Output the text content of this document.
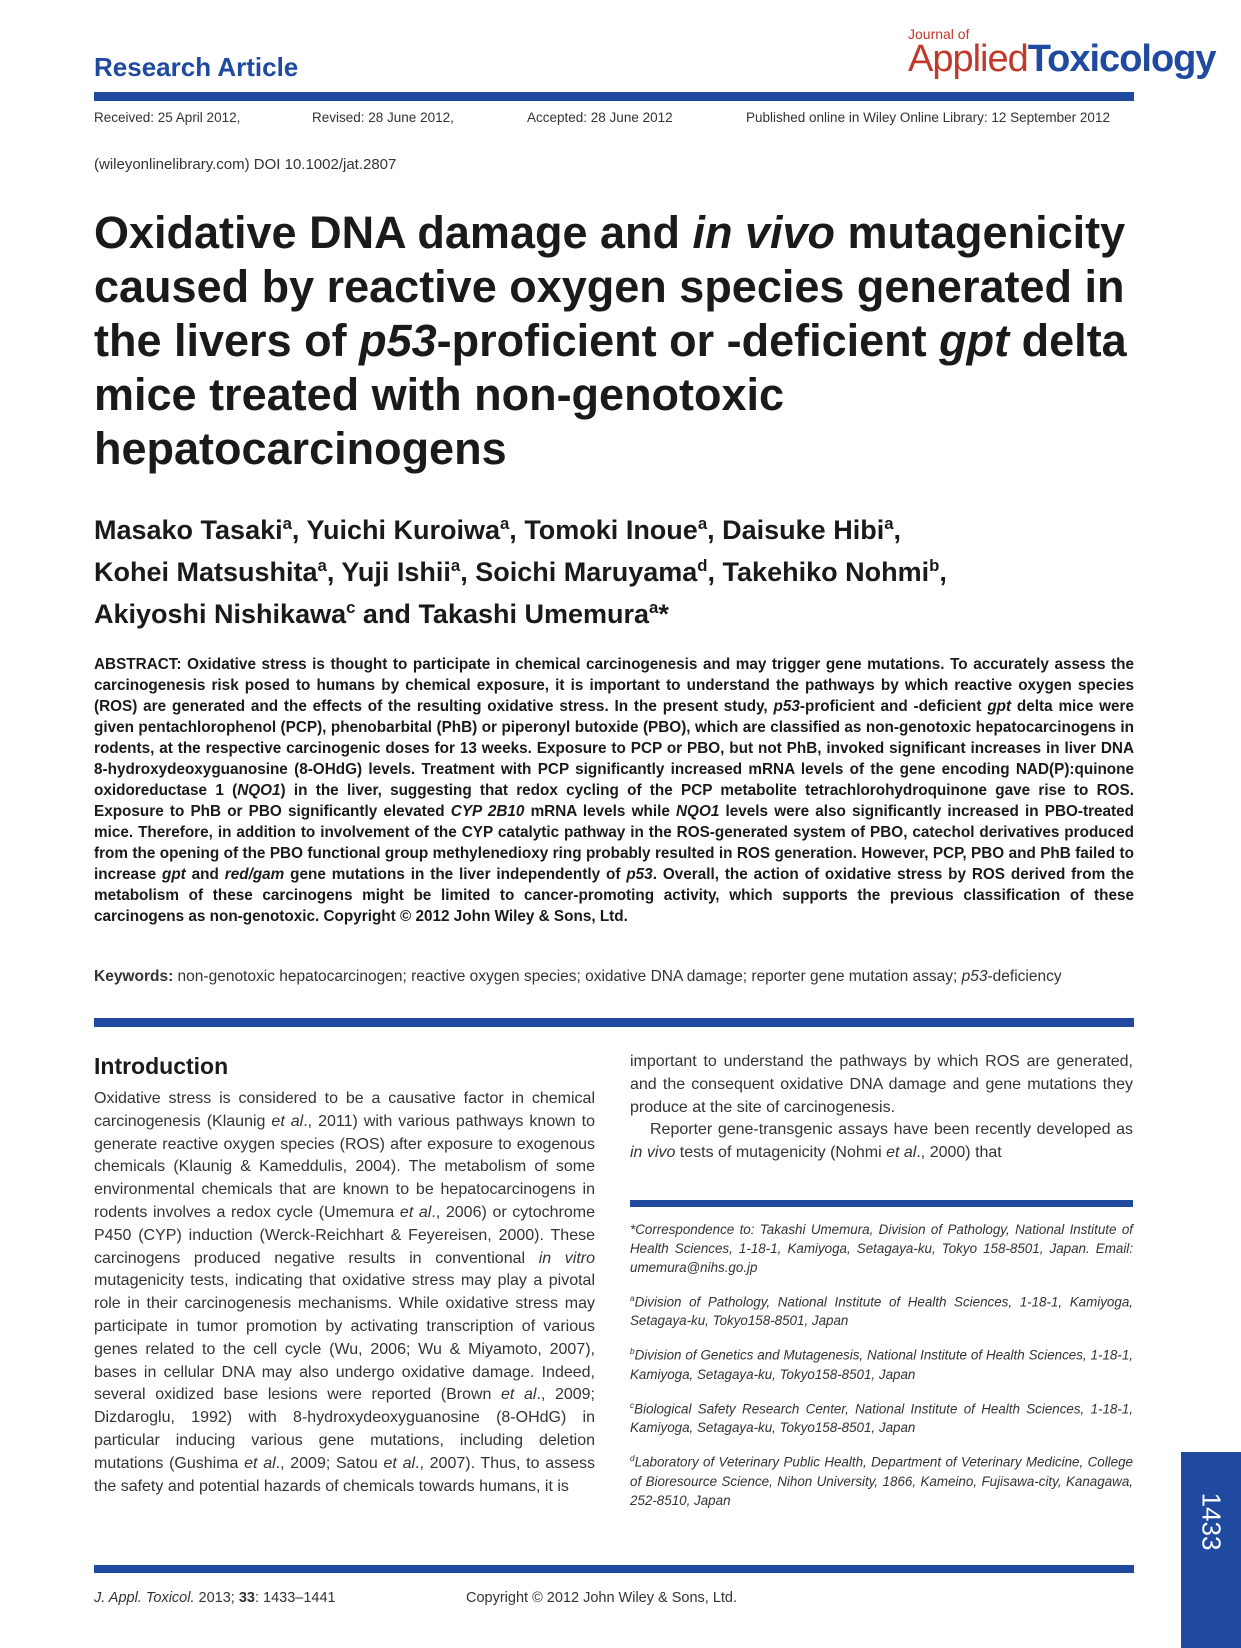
Research Article
Journal of
AppliedToxicology
Received: 25 April 2012,	Revised: 28 June 2012,	Accepted: 28 June 2012	Published online in Wiley Online Library: 12 September 2012
(wileyonlinelibrary.com) DOI 10.1002/jat.2807
Oxidative DNA damage and in vivo mutagenicity caused by reactive oxygen species generated in the livers of p53-proficient or -deficient gpt delta mice treated with non-genotoxic hepatocarcinogens
Masako Tasaki$^a$, Yuichi Kuroiwa$^a$, Tomoki Inoue$^a$, Daisuke Hibi$^a$,
Kohei Matsushita$^a$, Yuji Ishii$^a$, Soichi Maruyama$^d$, Takehiko Nohmi$^b$,
Akiyoshi Nishikawa$^c$ and Takashi Umemura$^a$*
ABSTRACT: Oxidative stress is thought to participate in chemical carcinogenesis and may trigger gene mutations. To accurately assess the carcinogenesis risk posed to humans by chemical exposure, it is important to understand the pathways by which reactive oxygen species (ROS) are generated and the effects of the resulting oxidative stress. In the present study, p53-proficient and -deficient gpt delta mice were given pentachlorophenol (PCP), phenobarbital (PhB) or piperonyl butoxide (PBO), which are classified as non-genotoxic hepatocarcinogens in rodents, at the respective carcinogenic doses for 13 weeks. Exposure to PCP or PBO, but not PhB, invoked significant increases in liver DNA 8-hydroxydeoxyguanosine (8-OHdG) levels. Treatment with PCP significantly increased mRNA levels of the gene encoding NAD(P):quinone oxidoreductase 1 (NQO1) in the liver, suggesting that redox cycling of the PCP metabolite tetrachlorohydroquinone gave rise to ROS. Exposure to PhB or PBO significantly elevated CYP 2B10 mRNA levels while NQO1 levels were also significantly increased in PBO-treated mice. Therefore, in addition to involvement of the CYP catalytic pathway in the ROS-generated system of PBO, catechol derivatives produced from the opening of the PBO functional group methylenedioxy ring probably resulted in ROS generation. However, PCP, PBO and PhB failed to increase gpt and red/gam gene mutations in the liver independently of p53. Overall, the action of oxidative stress by ROS derived from the metabolism of these carcinogens might be limited to cancer-promoting activity, which supports the previous classification of these carcinogens as non-genotoxic. Copyright © 2012 John Wiley & Sons, Ltd.
Keywords: non-genotoxic hepatocarcinogen; reactive oxygen species; oxidative DNA damage; reporter gene mutation assay; p53-deficiency
Introduction
Oxidative stress is considered to be a causative factor in chemical carcinogenesis (Klaunig et al., 2011) with various pathways known to generate reactive oxygen species (ROS) after exposure to exogenous chemicals (Klaunig & Kameddulis, 2004). The metabolism of some environmental chemicals that are known to be hepatocarcinogens in rodents involves a redox cycle (Umemura et al., 2006) or cytochrome P450 (CYP) induction (Werck-Reichhart & Feyereisen, 2000). These carcinogens produced negative results in conventional in vitro mutagenicity tests, indicating that oxidative stress may play a pivotal role in their carcinogenesis mechanisms. While oxidative stress may participate in tumor promotion by activating transcription of various genes related to the cell cycle (Wu, 2006; Wu & Miyamoto, 2007), bases in cellular DNA may also undergo oxidative damage. Indeed, several oxidized base lesions were reported (Brown et al., 2009; Dizdaroglu, 1992) with 8-hydroxydeoxyguanosine (8-OHdG) in particular inducing various gene mutations, including deletion mutations (Gushima et al., 2009; Satou et al., 2007). Thus, to assess the safety and potential hazards of chemicals towards humans, it is
important to understand the pathways by which ROS are generated, and the consequent oxidative DNA damage and gene mutations they produce at the site of carcinogenesis.
Reporter gene-transgenic assays have been recently developed as in vivo tests of mutagenicity (Nohmi et al., 2000) that

*Correspondence to: Takashi Umemura, Division of Pathology, National Institute of Health Sciences, 1-18-1, Kamiyoga, Setagaya-ku, Tokyo 158-8501, Japan. Email: umemura@nihs.go.jp

$^a$Division of Pathology, National Institute of Health Sciences, 1-18-1, Kamiyoga, Setagaya-ku, Tokyo158-8501, Japan

$^b$Division of Genetics and Mutagenesis, National Institute of Health Sciences, 1-18-1, Kamiyoga, Setagaya-ku, Tokyo158-8501, Japan

$^c$Biological Safety Research Center, National Institute of Health Sciences, 1-18-1, Kamiyoga, Setagaya-ku, Tokyo158-8501, Japan

$^d$Laboratory of Veterinary Public Health, Department of Veterinary Medicine, College of Bioresource Science, Nihon University, 1866, Kameino, Fujisawa-city, Kanagawa, 252-8510, Japan

J. Appl. Toxicol. 2013; 33: 1433–1441	Copyright © 2012 John Wiley & Sons, Ltd.
1433
